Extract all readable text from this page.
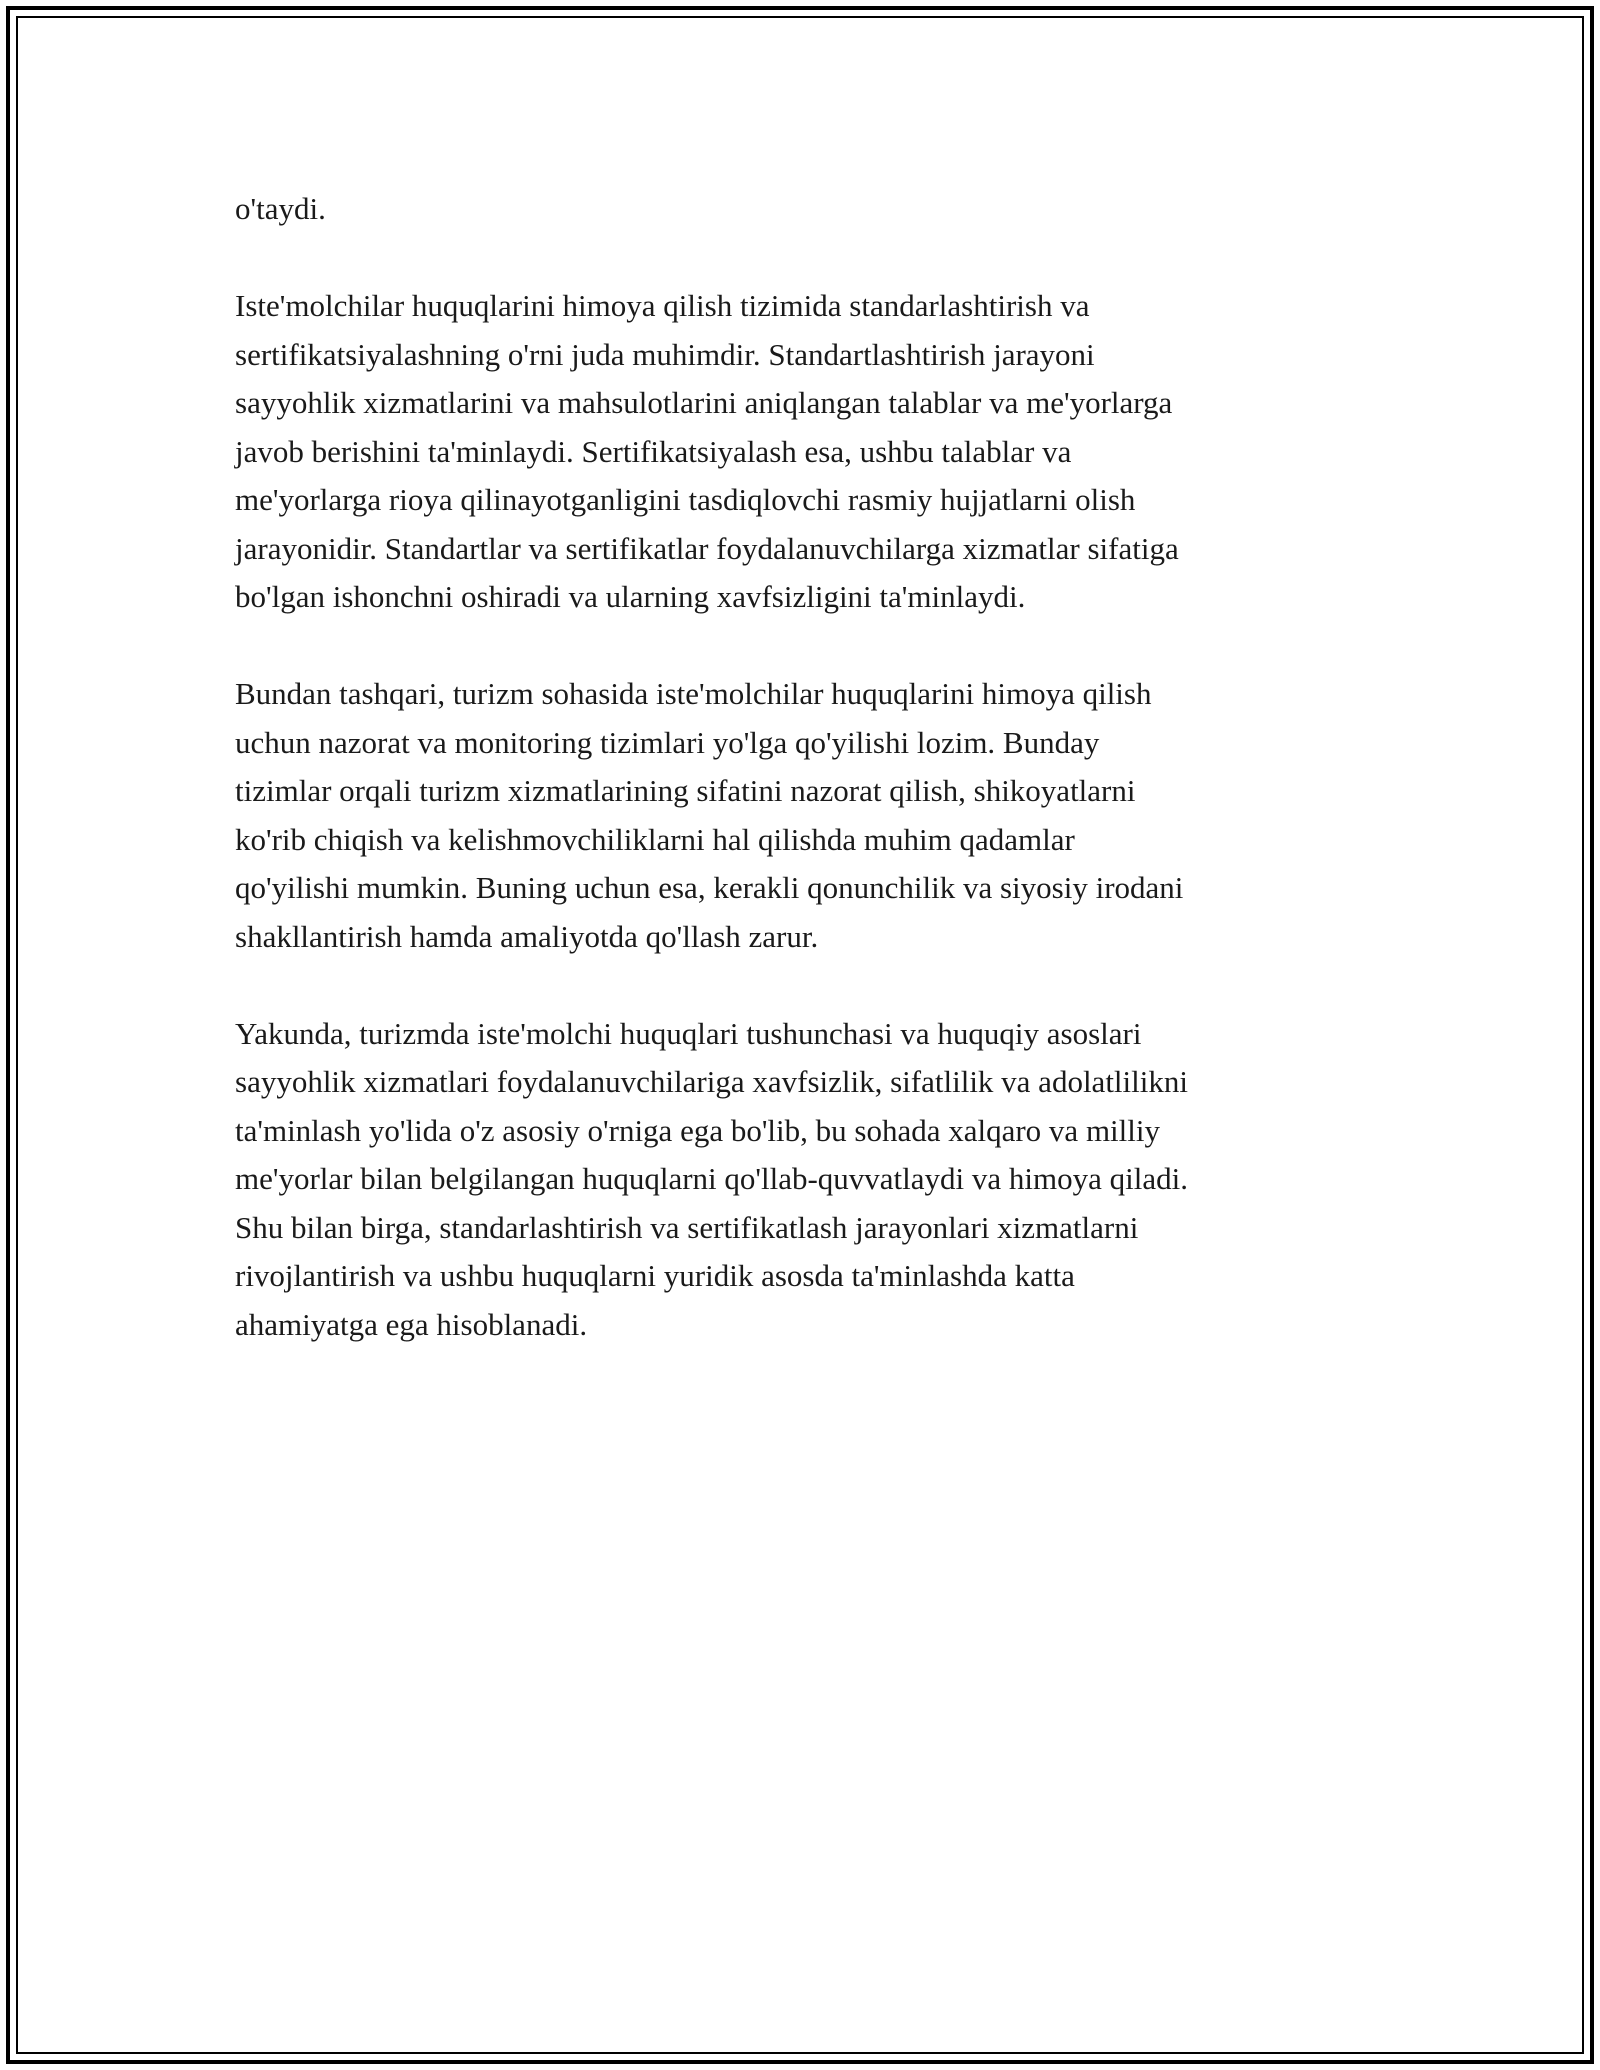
o'taydi.

Iste'molchilar huquqlarini himoya qilish tizimida standarlashtirish va
sertifikatsiyalashning o'rni juda muhimdir. Standartlashtirish jarayoni
sayyohlik xizmatlarini va mahsulotlarini aniqlangan talablar va me'yorlarga
javob berishini ta'minlaydi. Sertifikatsiyalash esa, ushbu talablar va
me'yorlarga rioya qilinayotganligini tasdiqlovchi rasmiy hujjatlarni olish
jarayonidir. Standartlar va sertifikatlar foydalanuvchilarga xizmatlar sifatiga
bo'lgan ishonchni oshiradi va ularning xavfsizligini ta'minlaydi.

Bundan tashqari, turizm sohasida iste'molchilar huquqlarini himoya qilish
uchun nazorat va monitoring tizimlari yo'lga qo'yilishi lozim. Bunday
tizimlar orqali turizm xizmatlarining sifatini nazorat qilish, shikoyatlarni
ko'rib chiqish va kelishmovchiliklarni hal qilishda muhim qadamlar
qo'yilishi mumkin. Buning uchun esa, kerakli qonunchilik va siyosiy irodani
shakllantirish hamda amaliyotda qo'llash zarur.

Yakunda, turizmda iste'molchi huquqlari tushunchasi va huquqiy asoslari
sayyohlik xizmatlari foydalanuvchilariga xavfsizlik, sifatlilik va adolatlilikni
ta'minlash yo'lida o'z asosiy o'rniga ega bo'lib, bu sohada xalqaro va milliy
me'yorlar bilan belgilangan huquqlarni qo'llab-quvvatlaydi va himoya qiladi.
Shu bilan birga, standarlashtirish va sertifikatlash jarayonlari xizmatlarni
rivojlantirish va ushbu huquqlarni yuridik asosda ta'minlashda katta
ahamiyatga ega hisoblanadi.
